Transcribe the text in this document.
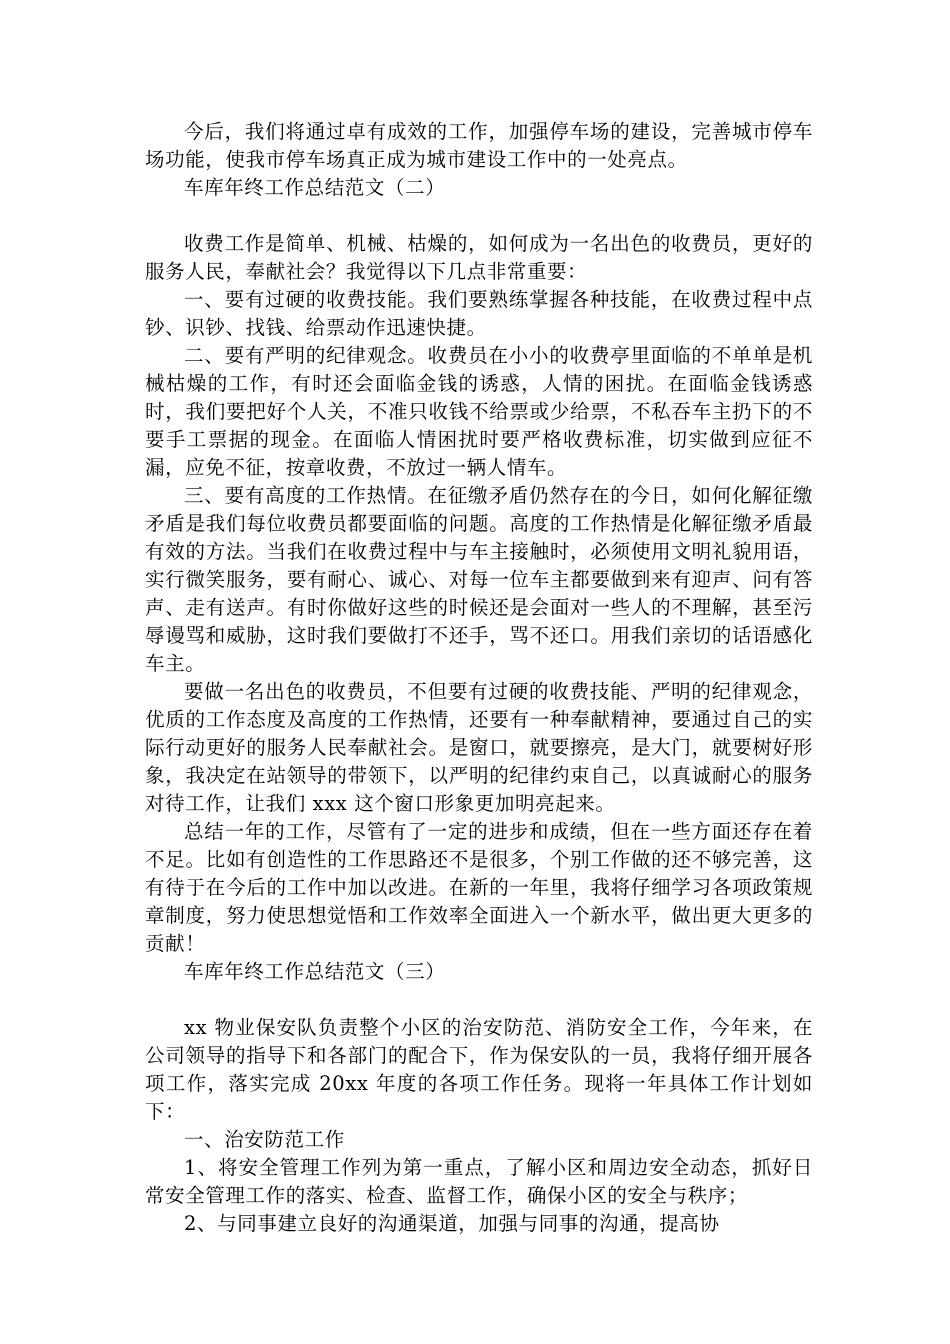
今后，我们将通过卓有成效的工作，加强停车场的建设，完善城市停车场功能，使我市停车场真正成为城市建设工作中的一处亮点。

车库年终工作总结范文（二）

收费工作是简单、机械、枯燥的，如何成为一名出色的收费员，更好的服务人民，奉献社会？我觉得以下几点非常重要：

一、要有过硬的收费技能。我们要熟练掌握各种技能，在收费过程中点钞、识钞、找钱、给票动作迅速快捷。

二、要有严明的纪律观念。收费员在小小的收费亭里面临的不单单是机械枯燥的工作，有时还会面临金钱的诱惑，人情的困扰。在面临金钱诱惑时，我们要把好个人关，不准只收钱不给票或少给票，不私吞车主扔下的不要手工票据的现金。在面临人情困扰时要严格收费标准，切实做到应征不漏，应免不征，按章收费，不放过一辆人情车。

三、要有高度的工作热情。在征缴矛盾仍然存在的今日，如何化解征缴矛盾是我们每位收费员都要面临的问题。高度的工作热情是化解征缴矛盾最有效的方法。当我们在收费过程中与车主接触时，必须使用文明礼貌用语，实行微笑服务，要有耐心、诚心、对每一位车主都要做到来有迎声、问有答声、走有送声。有时你做好这些的时候还是会面对一些人的不理解，甚至污辱谩骂和威胁，这时我们要做打不还手，骂不还口。用我们亲切的话语感化车主。

要做一名出色的收费员，不但要有过硬的收费技能、严明的纪律观念，优质的工作态度及高度的工作热情，还要有一种奉献精神，要通过自己的实际行动更好的服务人民奉献社会。是窗口，就要擦亮，是大门，就要树好形象，我决定在站领导的带领下，以严明的纪律约束自己，以真诚耐心的服务对待工作，让我们 xxx 这个窗口形象更加明亮起来。

总结一年的工作，尽管有了一定的进步和成绩，但在一些方面还存在着不足。比如有创造性的工作思路还不是很多，个别工作做的还不够完善，这有待于在今后的工作中加以改进。在新的一年里，我将仔细学习各项政策规章制度，努力使思想觉悟和工作效率全面进入一个新水平，做出更大更多的贡献！

车库年终工作总结范文（三）

xx 物业保安队负责整个小区的治安防范、消防安全工作，今年来，在公司领导的指导下和各部门的配合下，作为保安队的一员，我将仔细开展各项工作，落实完成 20xx 年度的各项工作任务。现将一年具体工作计划如下：

一、治安防范工作

1、将安全管理工作列为第一重点，了解小区和周边安全动态，抓好日常安全管理工作的落实、检查、监督工作，确保小区的安全与秩序；

2、与同事建立良好的沟通渠道，加强与同事的沟通，提高协
